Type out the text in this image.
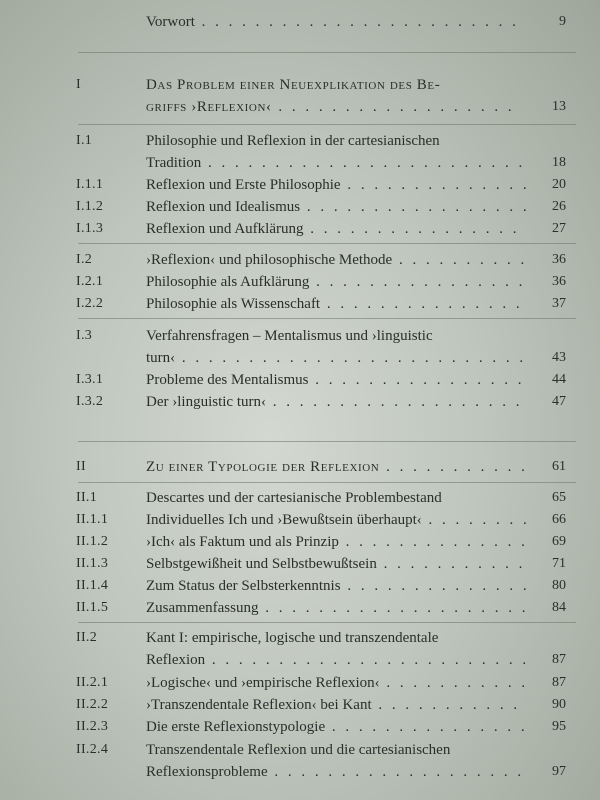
Vorwort . . .	9
I	Das Problem einer Neuexplikation des Be-
griffs ›Reflexion‹ . . .	13
I.1	Philosophie und Reflexion in der cartesianischen
Tradition . . .	18
I.1.1	Reflexion und Erste Philosophie . . .	20
I.1.2	Reflexion und Idealismus . . .	26
I.1.3	Reflexion und Aufklärung . . .	27
I.2	›Reflexion‹ und philosophische Methode . . .	36
I.2.1	Philosophie als Aufklärung . . .	36
I.2.2	Philosophie als Wissenschaft . . .	37
I.3	Verfahrensfragen – Mentalismus und ›linguistic
turn‹ . . .	43
I.3.1	Probleme des Mentalismus . . .	44
I.3.2	Der ›linguistic turn‹ . . .	47
II	Zu einer Typologie der Reflexion . . .	61
II.1	Descartes und der cartesianische Problembestand	65
II.1.1	Individuelles Ich und ›Bewußtsein überhaupt‹ . . .	66
II.1.2	›Ich‹ als Faktum und als Prinzip . . .	69
II.1.3	Selbstgewißheit und Selbstbewußtsein . . .	71
II.1.4	Zum Status der Selbsterkenntnis . . .	80
II.1.5	Zusammenfassung . . .	84
II.2	Kant I: empirische, logische und transzendentale
Reflexion . . .	87
II.2.1	›Logische‹ und ›empirische Reflexion‹ . . .	87
II.2.2	›Transzendentale Reflexion‹ bei Kant . . .	90
II.2.3	Die erste Reflexionstypologie . . .	95
II.2.4	Transzendentale Reflexion und die cartesianischen
Reflexionsprobleme . . .	97
